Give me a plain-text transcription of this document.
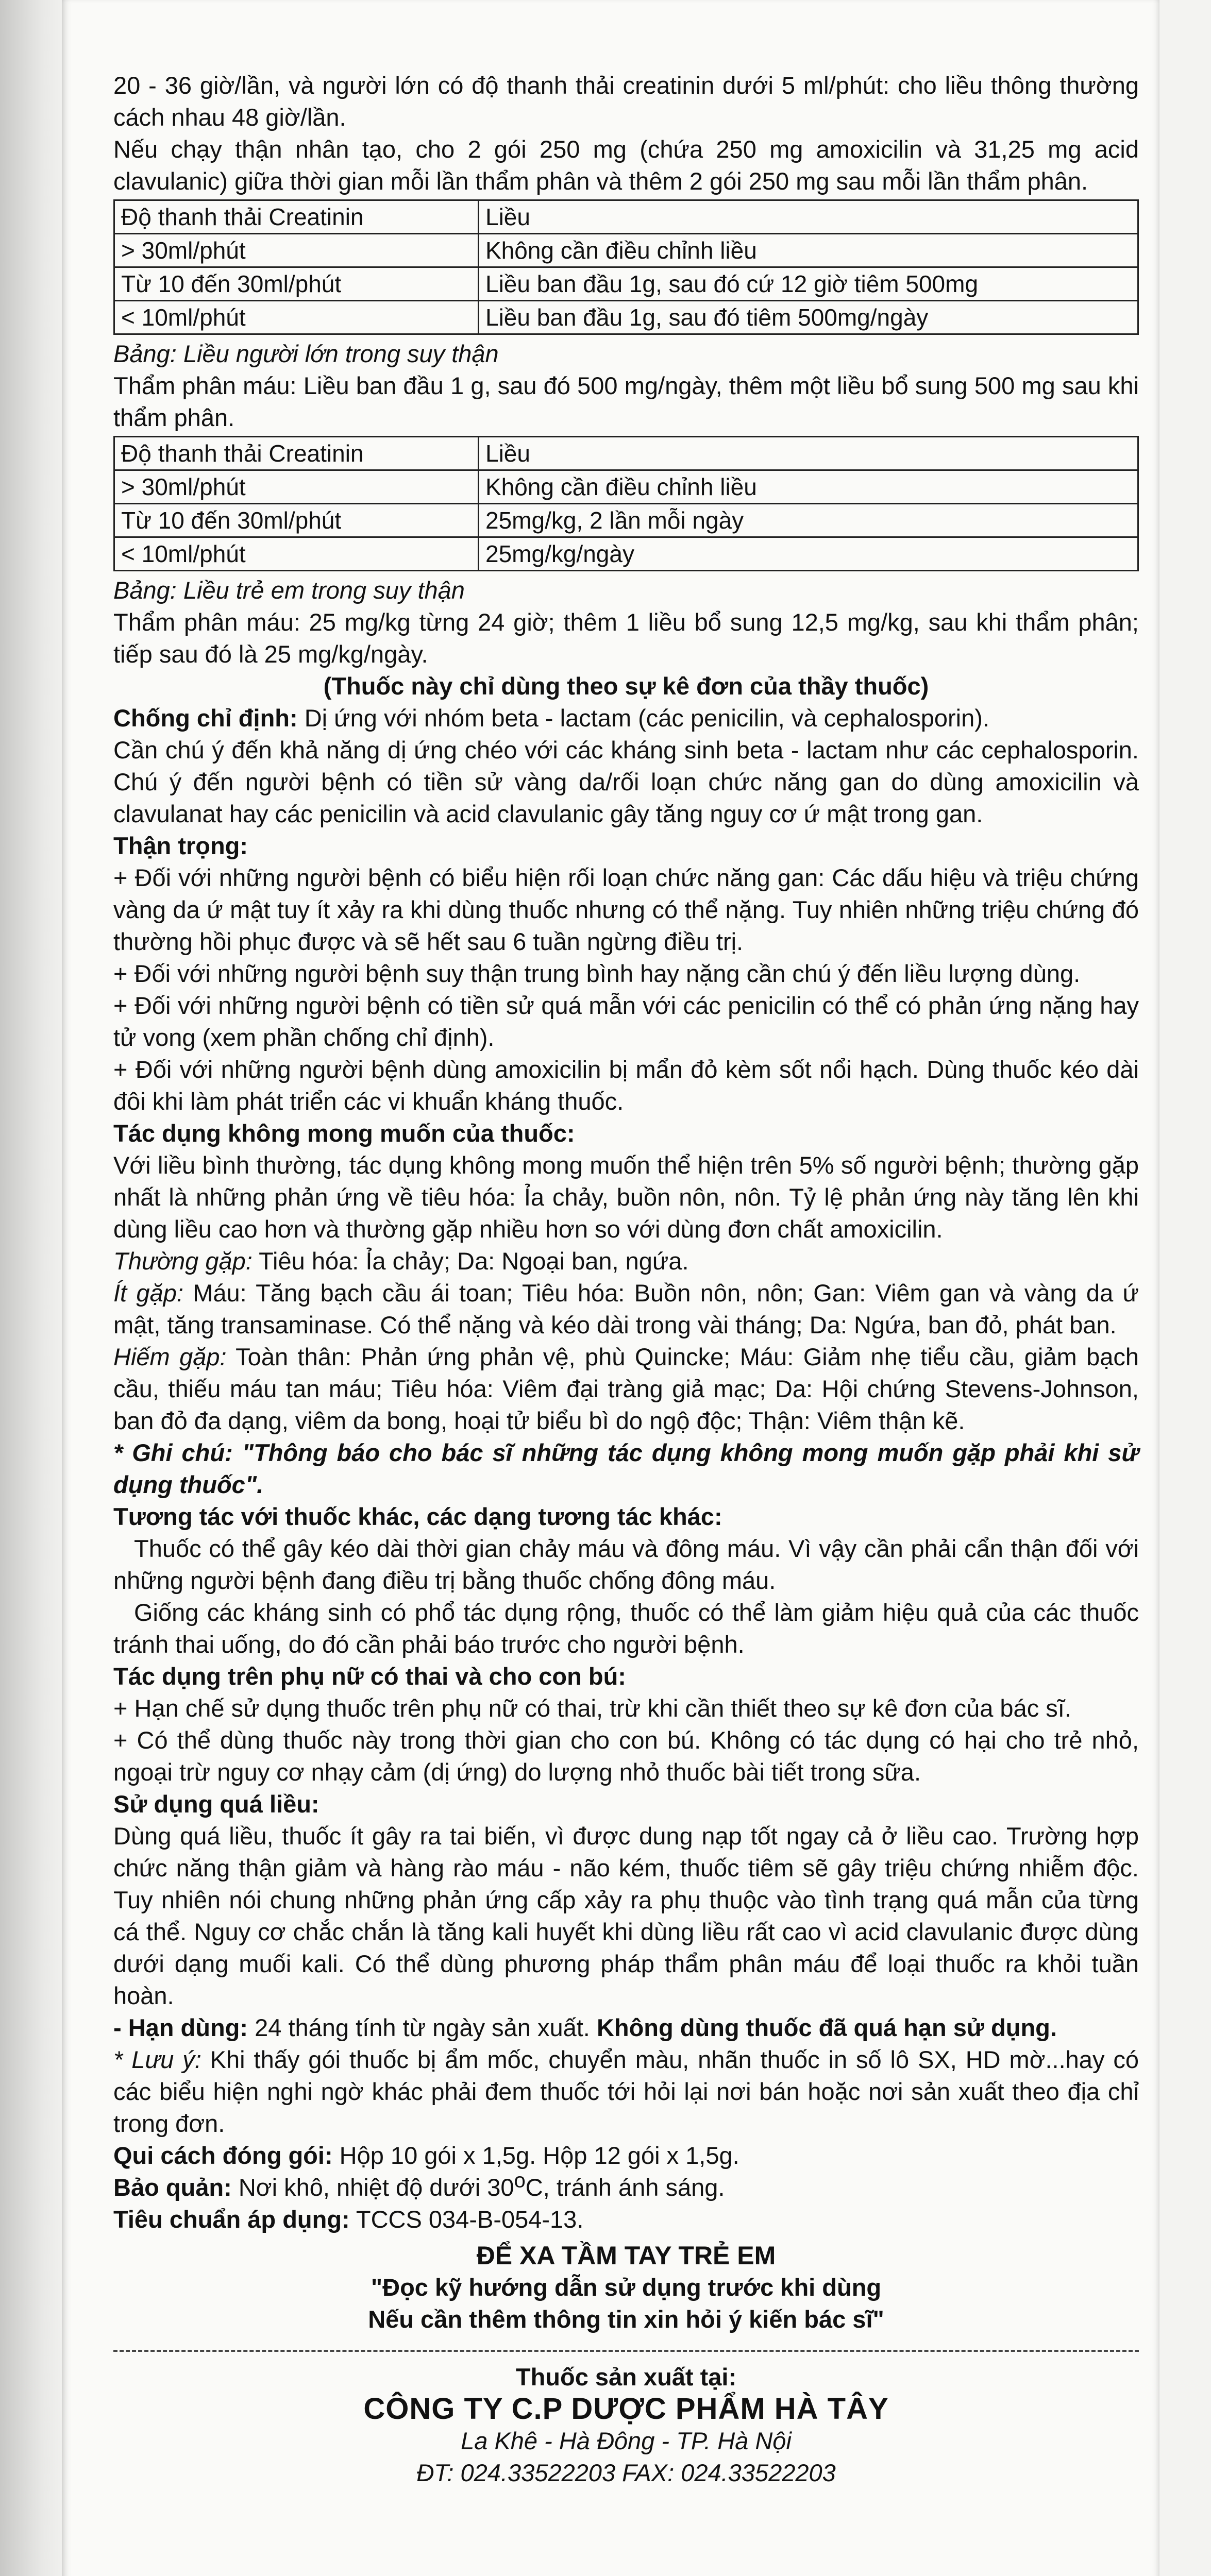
20 - 36 giờ/lần, và người lớn có độ thanh thải creatinin dưới 5 ml/phút: cho liều thông thường cách nhau 48 giờ/lần.

Nếu chạy thận nhân tạo, cho 2 gói 250 mg (chứa 250 mg amoxicilin và 31,25 mg acid clavulanic) giữa thời gian mỗi lần thẩm phân và thêm 2 gói 250 mg sau mỗi lần thẩm phân.

Độ thanh thải Creatinin	Liều
> 30ml/phút	Không cần điều chỉnh liều
Từ 10 đến 30ml/phút	Liều ban đầu 1g, sau đó cứ 12 giờ tiêm 500mg
< 10ml/phút	Liều ban đầu 1g, sau đó tiêm 500mg/ngày

Bảng: Liều người lớn trong suy thận

Thẩm phân máu: Liều ban đầu 1 g, sau đó 500 mg/ngày, thêm một liều bổ sung 500 mg sau khi thẩm phân.

Độ thanh thải Creatinin	Liều
> 30ml/phút	Không cần điều chỉnh liều
Từ 10 đến 30ml/phút	25mg/kg, 2 lần mỗi ngày
< 10ml/phút	25mg/kg/ngày

Bảng: Liều trẻ em trong suy thận

Thẩm phân máu: 25 mg/kg từng 24 giờ; thêm 1 liều bổ sung 12,5 mg/kg, sau khi thẩm phân; tiếp sau đó là 25 mg/kg/ngày.

(Thuốc này chỉ dùng theo sự kê đơn của thầy thuốc)

Chống chỉ định: Dị ứng với nhóm beta - lactam (các penicilin, và cephalosporin).

Cần chú ý đến khả năng dị ứng chéo với các kháng sinh beta - lactam như các cephalosporin. Chú ý đến người bệnh có tiền sử vàng da/rối loạn chức năng gan do dùng amoxicilin và clavulanat hay các penicilin và acid clavulanic gây tăng nguy cơ ứ mật trong gan.

Thận trọng:

+ Đối với những người bệnh có biểu hiện rối loạn chức năng gan: Các dấu hiệu và triệu chứng vàng da ứ mật tuy ít xảy ra khi dùng thuốc nhưng có thể nặng. Tuy nhiên những triệu chứng đó thường hồi phục được và sẽ hết sau 6 tuần ngừng điều trị.

+ Đối với những người bệnh suy thận trung bình hay nặng cần chú ý đến liều lượng dùng.

+ Đối với những người bệnh có tiền sử quá mẫn với các penicilin có thể có phản ứng nặng hay tử vong (xem phần chống chỉ định).

+ Đối với những người bệnh dùng amoxicilin bị mẩn đỏ kèm sốt nổi hạch. Dùng thuốc kéo dài đôi khi làm phát triển các vi khuẩn kháng thuốc.

Tác dụng không mong muốn của thuốc:

Với liều bình thường, tác dụng không mong muốn thể hiện trên 5% số người bệnh; thường gặp nhất là những phản ứng về tiêu hóa: Ỉa chảy, buồn nôn, nôn. Tỷ lệ phản ứng này tăng lên khi dùng liều cao hơn và thường gặp nhiều hơn so với dùng đơn chất amoxicilin.

Thường gặp: Tiêu hóa: Ỉa chảy; Da: Ngoại ban, ngứa.

Ít gặp: Máu: Tăng bạch cầu ái toan; Tiêu hóa: Buồn nôn, nôn; Gan: Viêm gan và vàng da ứ mật, tăng transaminase. Có thể nặng và kéo dài trong vài tháng; Da: Ngứa, ban đỏ, phát ban.

Hiếm gặp: Toàn thân: Phản ứng phản vệ, phù Quincke; Máu: Giảm nhẹ tiểu cầu, giảm bạch cầu, thiếu máu tan máu; Tiêu hóa: Viêm đại tràng giả mạc; Da: Hội chứng Stevens-Johnson, ban đỏ đa dạng, viêm da bong, hoại tử biểu bì do ngộ độc; Thận: Viêm thận kẽ.

* Ghi chú: "Thông báo cho bác sĩ những tác dụng không mong muốn gặp phải khi sử dụng thuốc".

Tương tác với thuốc khác, các dạng tương tác khác:

Thuốc có thể gây kéo dài thời gian chảy máu và đông máu. Vì vậy cần phải cẩn thận đối với những người bệnh đang điều trị bằng thuốc chống đông máu.

Giống các kháng sinh có phổ tác dụng rộng, thuốc có thể làm giảm hiệu quả của các thuốc tránh thai uống, do đó cần phải báo trước cho người bệnh.

Tác dụng trên phụ nữ có thai và cho con bú:

+ Hạn chế sử dụng thuốc trên phụ nữ có thai, trừ khi cần thiết theo sự kê đơn của bác sĩ.

+ Có thể dùng thuốc này trong thời gian cho con bú. Không có tác dụng có hại cho trẻ nhỏ, ngoại trừ nguy cơ nhạy cảm (dị ứng) do lượng nhỏ thuốc bài tiết trong sữa.

Sử dụng quá liều:

Dùng quá liều, thuốc ít gây ra tai biến, vì được dung nạp tốt ngay cả ở liều cao. Trường hợp chức năng thận giảm và hàng rào máu - não kém, thuốc tiêm sẽ gây triệu chứng nhiễm độc. Tuy nhiên nói chung những phản ứng cấp xảy ra phụ thuộc vào tình trạng quá mẫn của từng cá thể. Nguy cơ chắc chắn là tăng kali huyết khi dùng liều rất cao vì acid clavulanic được dùng dưới dạng muối kali. Có thể dùng phương pháp thẩm phân máu để loại thuốc ra khỏi tuần hoàn.

- Hạn dùng: 24 tháng tính từ ngày sản xuất. Không dùng thuốc đã quá hạn sử dụng.

* Lưu ý: Khi thấy gói thuốc bị ẩm mốc, chuyển màu, nhãn thuốc in số lô SX, HD mờ...hay có các biểu hiện nghi ngờ khác phải đem thuốc tới hỏi lại nơi bán hoặc nơi sản xuất theo địa chỉ trong đơn.

Qui cách đóng gói: Hộp 10 gói x 1,5g. Hộp 12 gói x 1,5g.

Bảo quản: Nơi khô, nhiệt độ dưới 30oC, tránh ánh sáng.

Tiêu chuẩn áp dụng: TCCS 034-B-054-13.

ĐỂ XA TẦM TAY TRẺ EM

"Đọc kỹ hướng dẫn sử dụng trước khi dùng

Nếu cần thêm thông tin xin hỏi ý kiến bác sĩ"

Thuốc sản xuất tại:

CÔNG TY C.P DƯỢC PHẨM HÀ TÂY

La Khê - Hà Đông - TP. Hà Nội

ĐT: 024.33522203 FAX: 024.33522203
